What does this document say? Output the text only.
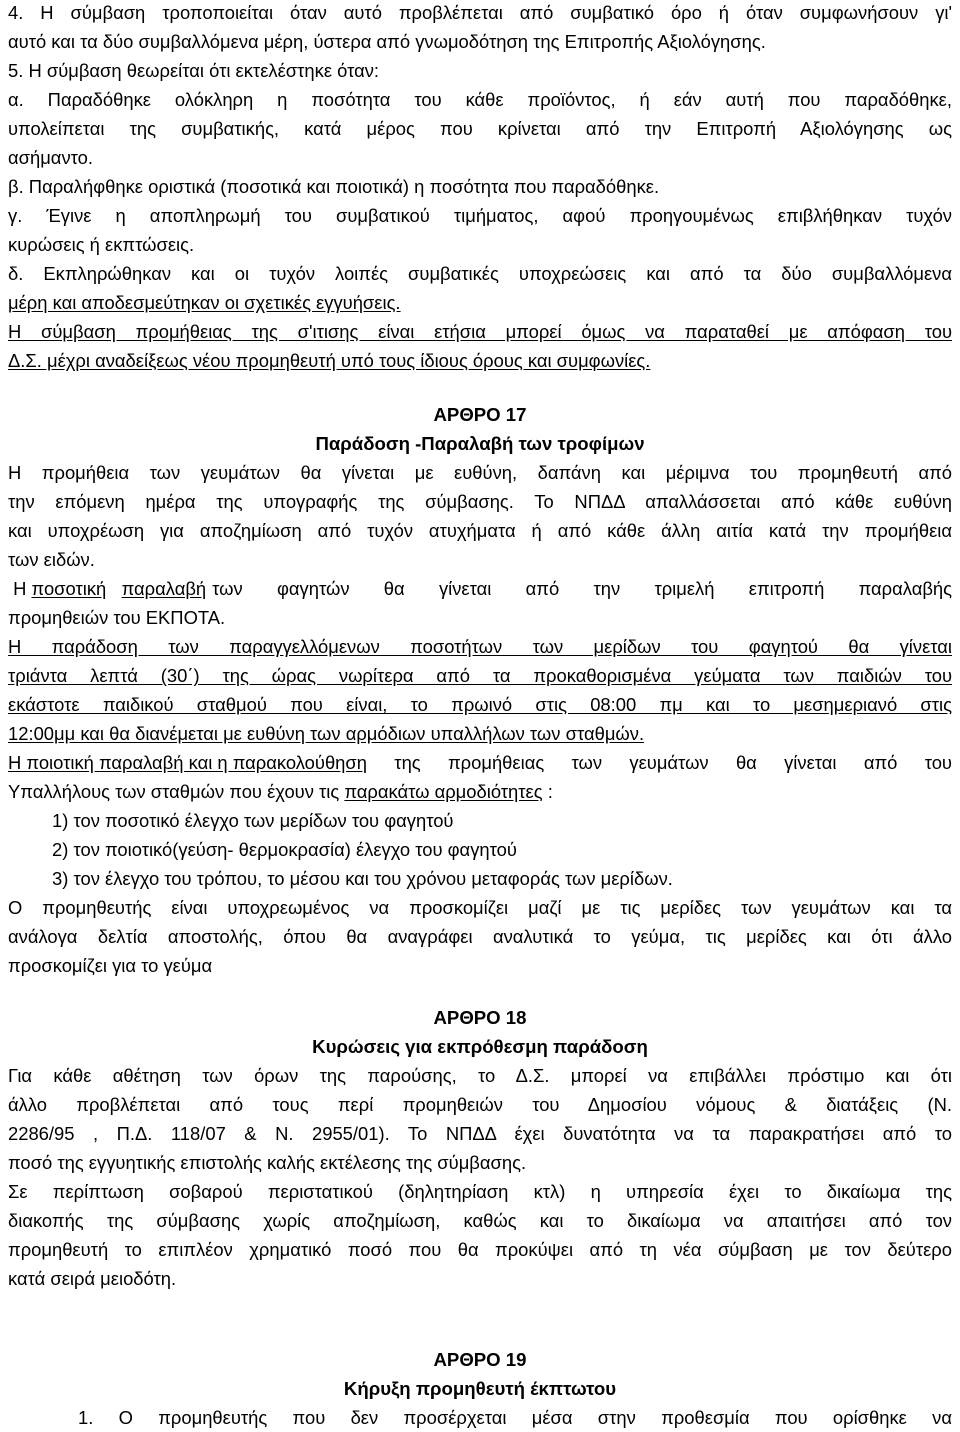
4. Η σύμβαση τροποποιείται όταν αυτό προβλέπεται από συμβατικό όρο ή όταν συμφωνήσουν γι'
αυτό και τα δύο συμβαλλόμενα μέρη, ύστερα από γνωμοδότηση της Επιτροπής Αξιολόγησης.
5. Η σύμβαση θεωρείται ότι εκτελέστηκε όταν:
α. Παραδόθηκε ολόκληρη η ποσότητα του κάθε προϊόντος, ή εάν αυτή που παραδόθηκε,
υπολείπεται της συμβατικής, κατά μέρος που κρίνεται από την Επιτροπή Αξιολόγησης ως
ασήμαντο.
β. Παραλήφθηκε οριστικά (ποσοτικά και ποιοτικά) η ποσότητα που παραδόθηκε.
γ. Έγινε η αποπληρωμή του συμβατικού τιμήματος, αφού προηγουμένως επιβλήθηκαν τυχόν
κυρώσεις ή εκπτώσεις.
δ. Εκπληρώθηκαν και οι τυχόν λοιπές συμβατικές υποχρεώσεις και από τα δύο συμβαλλόμενα
μέρη και αποδεσμεύτηκαν οι σχετικές εγγυήσεις.
Η σύμβαση προμήθειας της σ'ιτισης είναι ετήσια μπορεί όμως να παραταθεί με απόφαση του
Δ.Σ. μέχρι αναδείξεως νέου προμηθευτή υπό τους ίδιους όρους και συμφωνίες.
ΑΡΘΡΟ 17
Παράδοση -Παραλαβή των τροφίμων
Η προμήθεια των γευμάτων θα γίνεται με ευθύνη, δαπάνη και μέριμνα του προμηθευτή από
την επόμενη ημέρα της υπογραφής της σύμβασης. Το ΝΠΔΔ απαλλάσσεται από κάθε ευθύνη
και υποχρέωση για αποζημίωση από τυχόν ατυχήματα ή από κάθε άλλη αιτία κατά την προμήθεια
των ειδών.
Η ποσοτική παραλαβή των φαγητών θα γίνεται από την τριμελή επιτροπή παραλαβής
προμηθειών του ΕΚΠΟΤΑ.
Η παράδοση των παραγγελλόμενων ποσοτήτων των μερίδων του φαγητού θα γίνεται
τριάντα λεπτά (30΄) της ώρας νωρίτερα από τα προκαθορισμένα γεύματα των παιδιών του
εκάστοτε παιδικού σταθμού που είναι, το πρωινό στις 08:00 πμ και το μεσημεριανό στις
12:00μμ και θα διανέμεται με ευθύνη των αρμόδιων υπαλλήλων των σταθμών.
Η ποιοτική παραλαβή και η παρακολούθηση της προμήθειας των γευμάτων θα γίνεται από του
Υπαλλήλους των σταθμών που έχουν τις παρακάτω αρμοδιότητες :
1) τον ποσοτικό έλεγχο των μερίδων του φαγητού
2) τον ποιοτικό(γεύση- θερμοκρασία) έλεγχο του φαγητού
3) τον έλεγχο του τρόπου, το μέσου και του χρόνου μεταφοράς των μερίδων.
Ο προμηθευτής είναι υποχρεωμένος να προσκομίζει μαζί με τις μερίδες των γευμάτων και τα
ανάλογα δελτία αποστολής, όπου θα αναγράφει αναλυτικά το γεύμα, τις μερίδες και ότι άλλο
προσκομίζει για το γεύμα
ΑΡΘΡΟ 18
Κυρώσεις για εκπρόθεσμη παράδοση
Για κάθε αθέτηση των όρων της παρούσης, το Δ.Σ. μπορεί να επιβάλλει πρόστιμο και ότι
άλλο προβλέπεται από τους περί προμηθειών του Δημοσίου νόμους & διατάξεις (Ν.
2286/95 , Π.Δ. 118/07 & Ν. 2955/01). Το ΝΠΔΔ έχει δυνατότητα να τα παρακρατήσει από το
ποσό της εγγυητικής επιστολής καλής εκτέλεσης της σύμβασης.
Σε περίπτωση σοβαρού περιστατικού (δηλητηρίαση κτλ) η υπηρεσία έχει το δικαίωμα της
διακοπής της σύμβασης χωρίς αποζημίωση, καθώς και το δικαίωμα να απαιτήσει από τον
προμηθευτή το επιπλέον χρηματικό ποσό που θα προκύψει από τη νέα σύμβαση με τον δεύτερο
κατά σειρά μειοδότη.
ΑΡΘΡΟ 19
Κήρυξη προμηθευτή έκπτωτου
1. Ο προμηθευτής που δεν προσέρχεται μέσα στην προθεσμία που ορίσθηκε να
